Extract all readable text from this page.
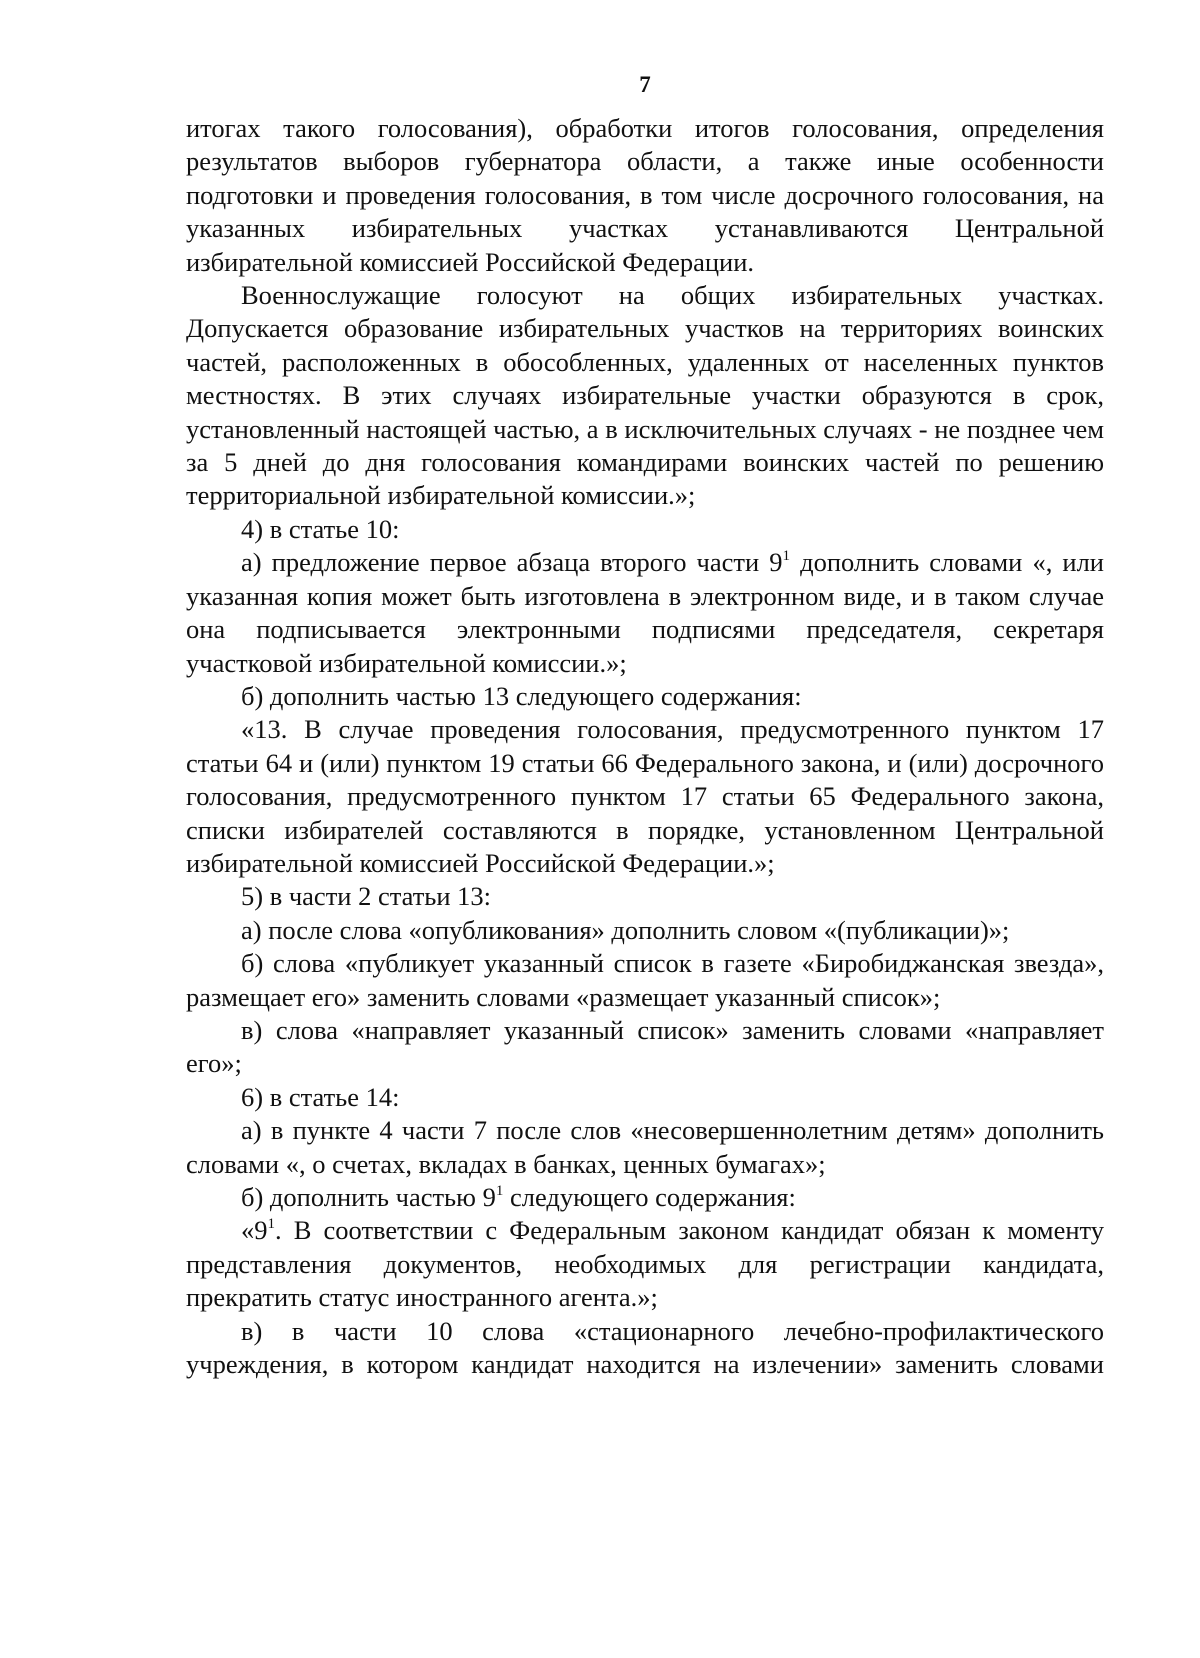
7

итогах такого голосования), обработки итогов голосования, определения результатов выборов губернатора области, а также иные особенности подготовки и проведения голосования, в том числе досрочного голосования, на указанных избирательных участках устанавливаются Центральной избирательной комиссией Российской Федерации.

Военнослужащие голосуют на общих избирательных участках. Допускается образование избирательных участков на территориях воинских частей, расположенных в обособленных, удаленных от населенных пунктов местностях. В этих случаях избирательные участки образуются в срок, установленный настоящей частью, а в исключительных случаях - не позднее чем за 5 дней до дня голосования командирами воинских частей по решению территориальной избирательной комиссии.»;

4) в статье 10:

а) предложение первое абзаца второго части $9^1$ дополнить словами «, или указанная копия может быть изготовлена в электронном виде, и в таком случае она подписывается электронными подписями председателя, секретаря участковой избирательной комиссии.»;

б) дополнить частью 13 следующего содержания:

«13. В случае проведения голосования, предусмотренного пунктом 17 статьи 64 и (или) пунктом 19 статьи 66 Федерального закона, и (или) досрочного голосования, предусмотренного пунктом 17 статьи 65 Федерального закона, списки избирателей составляются в порядке, установленном Центральной избирательной комиссией Российской Федерации.»;

5) в части 2 статьи 13:

а) после слова «опубликования» дополнить словом «(публикации)»;

б) слова «публикует указанный список в газете «Биробиджанская звезда», размещает его» заменить словами «размещает указанный список»;

в) слова «направляет указанный список» заменить словами «направляет его»;

6) в статье 14:

а) в пункте 4 части 7 после слов «несовершеннолетним детям» дополнить словами «, о счетах, вкладах в банках, ценных бумагах»;

б) дополнить частью $9^1$ следующего содержания:

«$9^1$. В соответствии с Федеральным законом кандидат обязан к моменту представления документов, необходимых для регистрации кандидата, прекратить статус иностранного агента.»;

в) в части 10 слова «стационарного лечебно-профилактического учреждения, в котором кандидат находится на излечении» заменить словами
